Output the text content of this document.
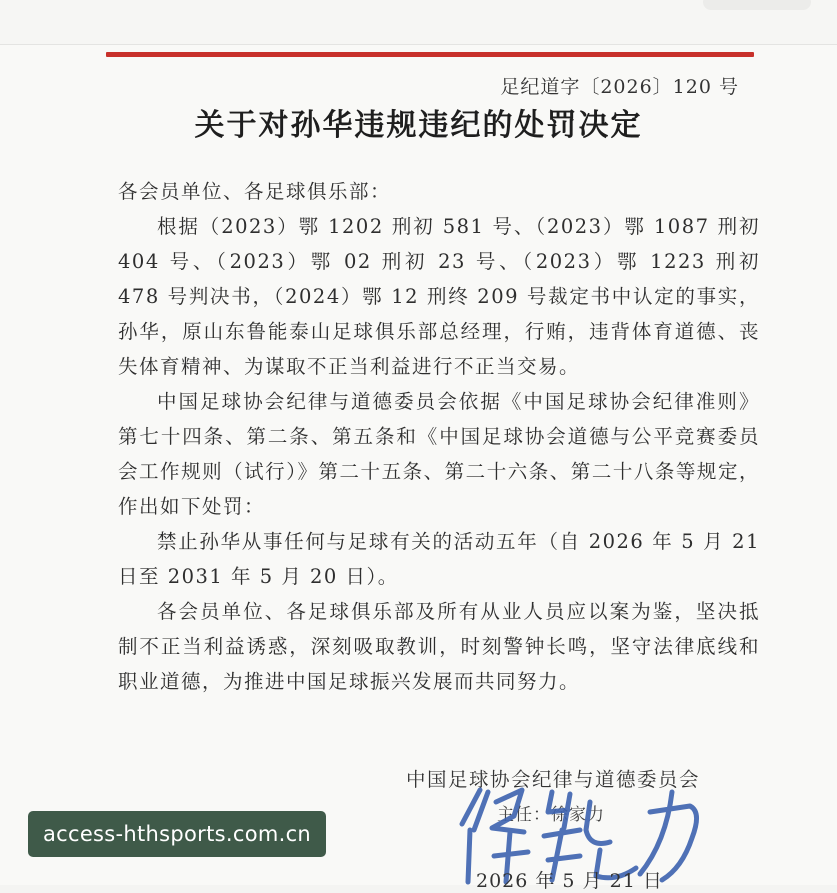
足纪道字〔2026〕120 号
关于对孙华违规违纪的处罚决定

各会员单位、各足球俱乐部：

根据（2023）鄂 1202 刑初 581 号、（2023）鄂 1087 刑初 404 号、（2023）鄂 02 刑初 23 号、（2023）鄂 1223 刑初 478 号判决书，（2024）鄂 12 刑终 209 号裁定书中认定的事实，孙华，原山东鲁能泰山足球俱乐部总经理，行贿，违背体育道德、丧失体育精神、为谋取不正当利益进行不正当交易。

中国足球协会纪律与道德委员会依据《中国足球协会纪律准则》第七十四条、第二条、第五条和《中国足球协会道德与公平竞赛委员会工作规则（试行）》第二十五条、第二十六条、第二十八条等规定，作出如下处罚：

禁止孙华从事任何与足球有关的活动五年（自 2026 年 5 月 21 日至 2031 年 5 月 20 日）。

各会员单位、各足球俱乐部及所有从业人员应以案为鉴，坚决抵制不正当利益诱惑，深刻吸取教训，时刻警钟长鸣，坚守法律底线和职业道德，为推进中国足球振兴发展而共同努力。

中国足球协会纪律与道德委员会
主任：徐家力
2026 年 5 月 21 日
access-hthsports.com.cn
